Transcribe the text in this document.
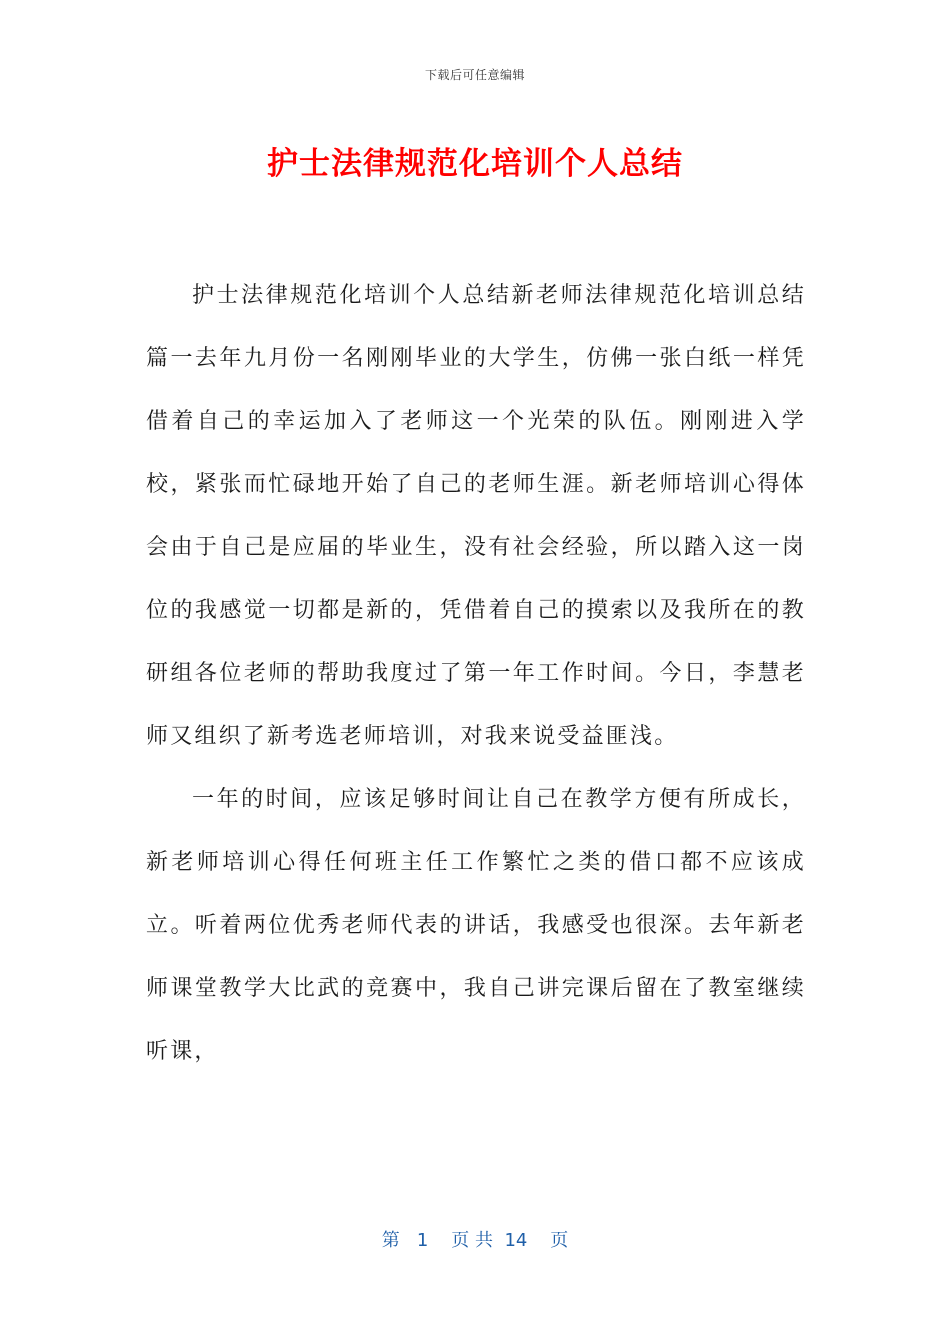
下载后可任意编辑
护士法律规范化培训个人总结

护士法律规范化培训个人总结新老师法律规范化培训总结篇一去年九月份一名刚刚毕业的大学生，仿佛一张白纸一样凭借着自己的幸运加入了老师这一个光荣的队伍。刚刚进入学校，紧张而忙碌地开始了自己的老师生涯。新老师培训心得体会由于自己是应届的毕业生，没有社会经验，所以踏入这一岗位的我感觉一切都是新的，凭借着自己的摸索以及我所在的教研组各位老师的帮助我度过了第一年工作时间。今日，李慧老师又组织了新考选老师培训，对我来说受益匪浅。

一年的时间，应该足够时间让自己在教学方便有所成长，新老师培训心得任何班主任工作繁忙之类的借口都不应该成立。听着两位优秀老师代表的讲话，我感受也很深。去年新老师课堂教学大比武的竞赛中，我自己讲完课后留在了教室继续听课，

第 1 页 共 14 页
